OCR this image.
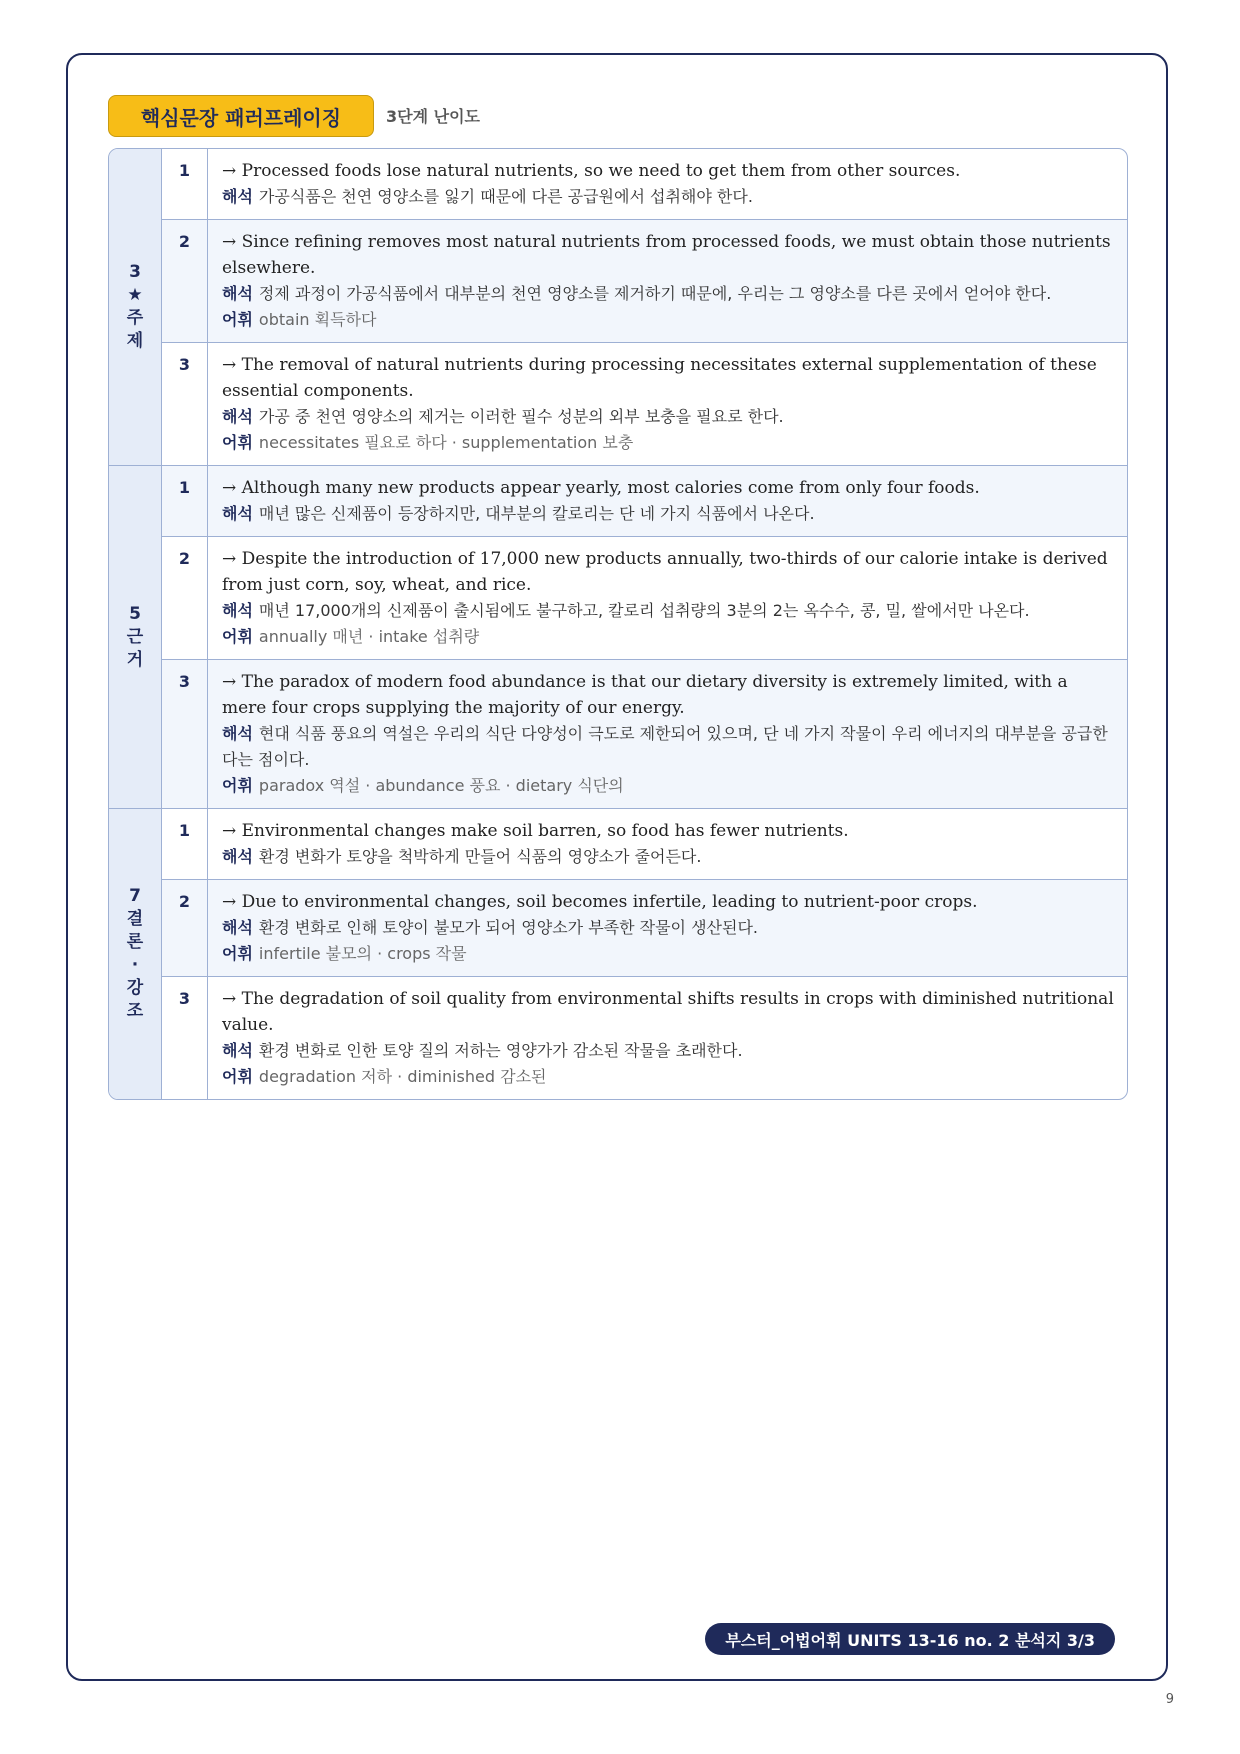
핵심문장 패러프레이징	3단계 난이도
3★주제
1	→ Processed foods lose natural nutrients, so we need to get them from other sources.
해석 가공식품은 천연 영양소를 잃기 때문에 다른 공급원에서 섭취해야 한다.
2	→ Since refining removes most natural nutrients from processed foods, we must obtain those nutrients elsewhere.
해석 정제 과정이 가공식품에서 대부분의 천연 영양소를 제거하기 때문에, 우리는 그 영양소를 다른 곳에서 얻어야 한다.
어휘 obtain 획득하다
3	→ The removal of natural nutrients during processing necessitates external supplementation of these essential components.
해석 가공 중 천연 영양소의 제거는 이러한 필수 성분의 외부 보충을 필요로 한다.
어휘 necessitates 필요로 하다 · supplementation 보충
5근거
1	→ Although many new products appear yearly, most calories come from only four foods.
해석 매년 많은 신제품이 등장하지만, 대부분의 칼로리는 단 네 가지 식품에서 나온다.
2	→ Despite the introduction of 17,000 new products annually, two-thirds of our calorie intake is derived from just corn, soy, wheat, and rice.
해석 매년 17,000개의 신제품이 출시됨에도 불구하고, 칼로리 섭취량의 3분의 2는 옥수수, 콩, 밀, 쌀에서만 나온다.
어휘 annually 매년 · intake 섭취량
3	→ The paradox of modern food abundance is that our dietary diversity is extremely limited, with a mere four crops supplying the majority of our energy.
해석 현대 식품 풍요의 역설은 우리의 식단 다양성이 극도로 제한되어 있으며, 단 네 가지 작물이 우리 에너지의 대부분을 공급한다는 점이다.
어휘 paradox 역설 · abundance 풍요 · dietary 식단의
7결론·강조
1	→ Environmental changes make soil barren, so food has fewer nutrients.
해석 환경 변화가 토양을 척박하게 만들어 식품의 영양소가 줄어든다.
2	→ Due to environmental changes, soil becomes infertile, leading to nutrient-poor crops.
해석 환경 변화로 인해 토양이 불모가 되어 영양소가 부족한 작물이 생산된다.
어휘 infertile 불모의 · crops 작물
3	→ The degradation of soil quality from environmental shifts results in crops with diminished nutritional value.
해석 환경 변화로 인한 토양 질의 저하는 영양가가 감소된 작물을 초래한다.
어휘 degradation 저하 · diminished 감소된
부스터_어법어휘 UNITS 13-16 no. 2 분석지 3/3
9
